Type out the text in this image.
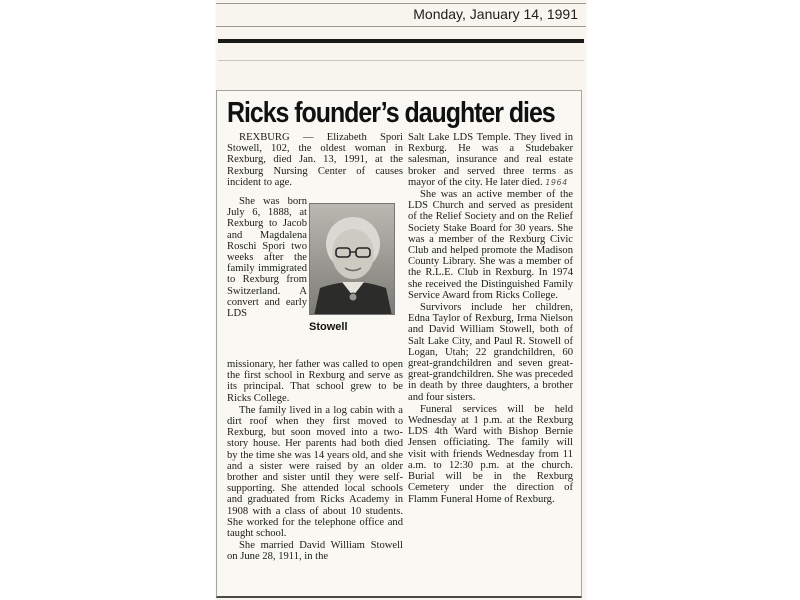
Monday, January 14, 1991
Ricks founder’s daughter dies

REXBURG — Elizabeth Spori Stowell, 102, the oldest woman in Rexburg, died Jan. 13, 1991, at the Rexburg Nursing Center of causes incident to age.

She was born July 6, 1888, at Rexburg to Jacob and Magdalena Roschi Spori two weeks after the family immigrated to Rexburg from Switzerland. A convert and early LDS
Stowell

missionary, her father was called to open the first school in Rexburg and serve as its principal. That school grew to be Ricks College.

The family lived in a log cabin with a dirt roof when they first moved to Rexburg, but soon moved into a two-story house. Her parents had both died by the time she was 14 years old, and she and a sister were raised by an older brother and sister until they were self-supporting. She attended local schools and graduated from Ricks Academy in 1908 with a class of about 10 students. She worked for the telephone office and taught school.

She married David William Stowell on June 28, 1911, in the

Salt Lake LDS Temple. They lived in Rexburg. He was a Studebaker salesman, insurance and real estate broker and served three terms as mayor of the city. He later died. 1964

She was an active member of the LDS Church and served as president of the Relief Society and on the Relief Society Stake Board for 30 years. She was a member of the Rexburg Civic Club and helped promote the Madison County Library. She was a member of the R.L.E. Club in Rexburg. In 1974 she received the Distinguished Family Service Award from Ricks College.

Survivors include her children, Edna Taylor of Rexburg, Irma Nielson and David William Stowell, both of Salt Lake City, and Paul R. Stowell of Logan, Utah; 22 grandchildren, 60 great-grandchildren and seven great-great-grandchildren. She was preceded in death by three daughters, a brother and four sisters.

Funeral services will be held Wednesday at 1 p.m. at the Rexburg LDS 4th Ward with Bishop Bernie Jensen officiating. The family will visit with friends Wednesday from 11 a.m. to 12:30 p.m. at the church. Burial will be in the Rexburg Cemetery under the direction of Flamm Funeral Home of Rexburg.
